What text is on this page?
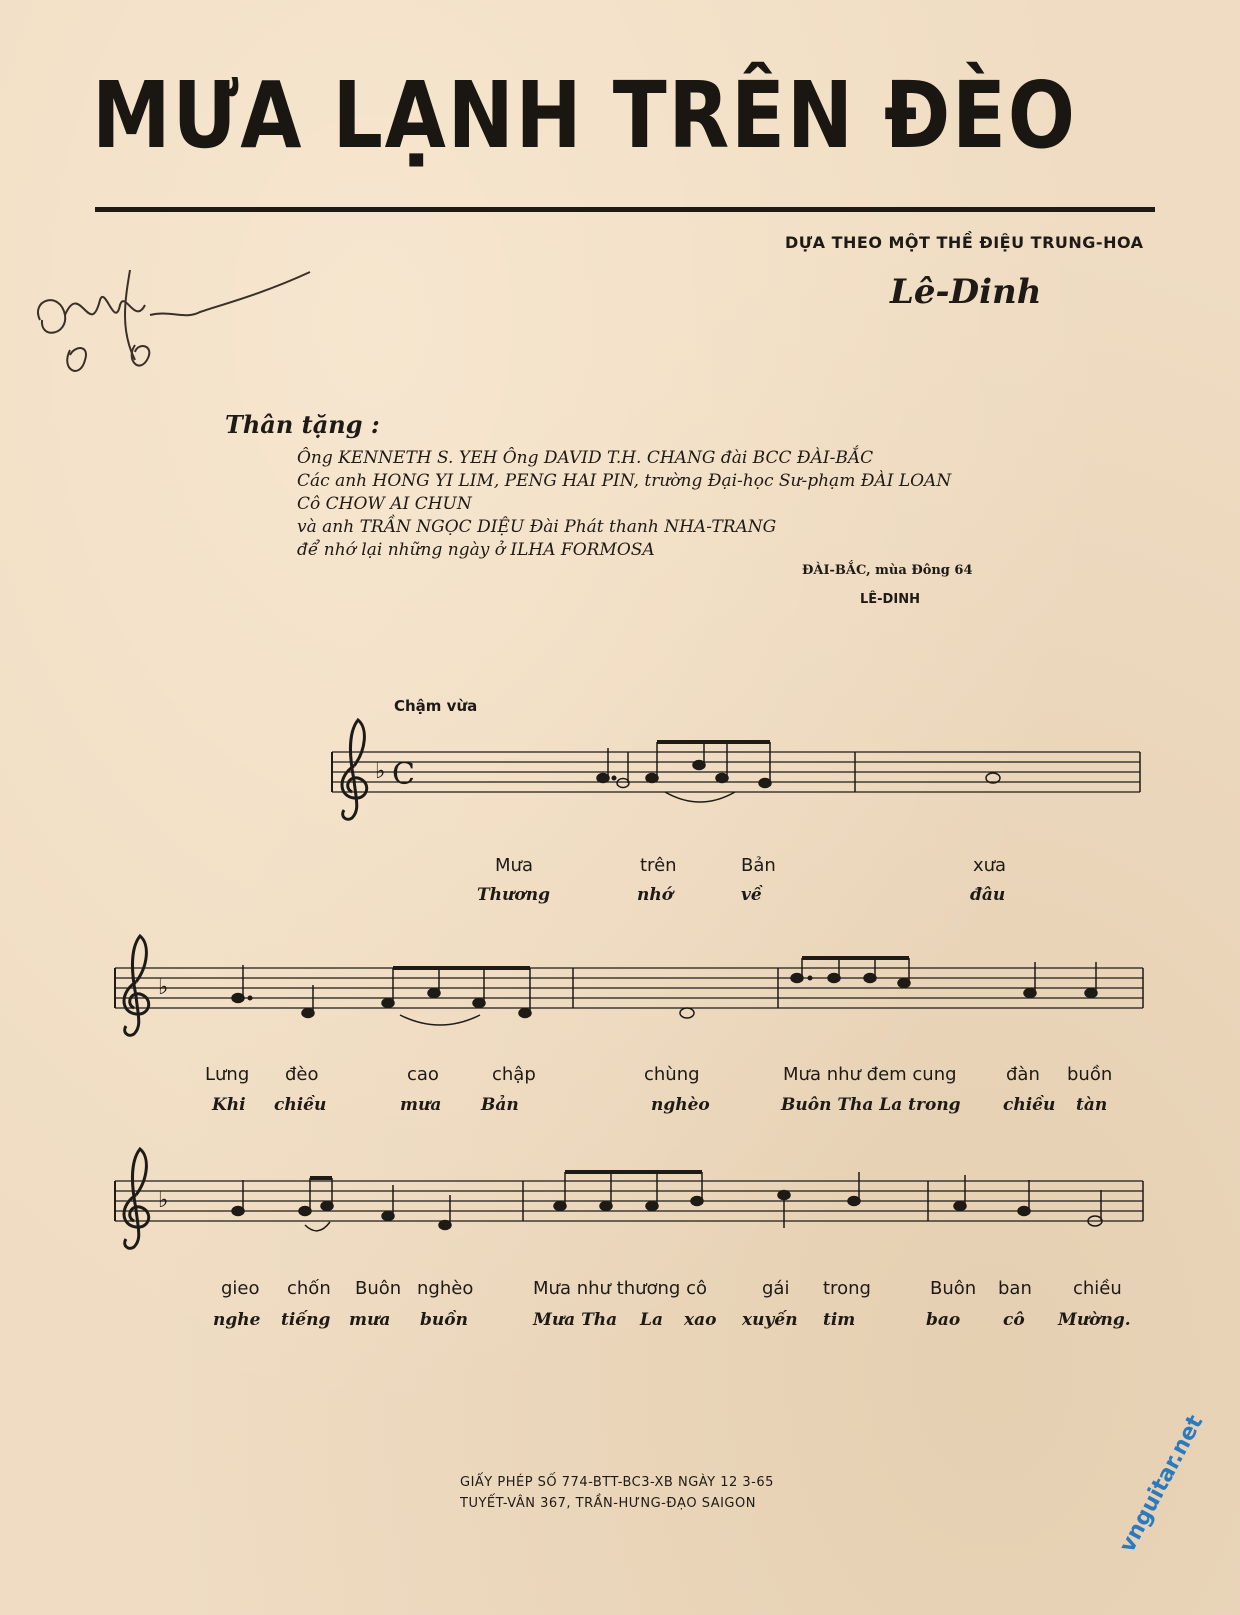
MƯA LẠNH TRÊN ĐÈO
DỰA THEO MỘT THỀ ĐIỆU TRUNG-HOA
Lê-Dinh
Thân tặng :
Ông KENNETH S. YEH Ông DAVID T.H. CHANG đài BCC ĐÀI-BẮC
Các anh HONG YI LIM, PENG HAI PIN, trường Đại-học Sư-phạm ĐÀI LOAN
Cô CHOW AI CHUN
và anh TRẦN NGỌC DIỆU Đài Phát thanh NHA-TRANG
để nhớ lại những ngày ở ILHA FORMOSA
ĐÀI-BẮC, mùa Đông 64
LÊ-DINH
Chậm vừa
♭ C
♭
♭
Mưa	trên	Bản	xưa
Thương	nhớ	về	đâu
Lưng đèo	cao	chập	chùng	Mưa như đem cung	đàn buồn
Khi chiều	mưa Bản	nghèo	Buôn Tha La trong chiều tàn
gieo chốn Buôn nghèo	Mưa như thương cô	gái trong	Buôn ban chiều
nghe tiếng mưa buồn	Mưa Tha La xao xuyến tim	bao	cô Mường.
GIẤY PHÉP SỐ 774-BTT-BC3-XB NGÀY 12 3-65
TUYẾT-VÂN 367, TRẦN-HƯNG-ĐẠO SAIGON	vnguitar.net
